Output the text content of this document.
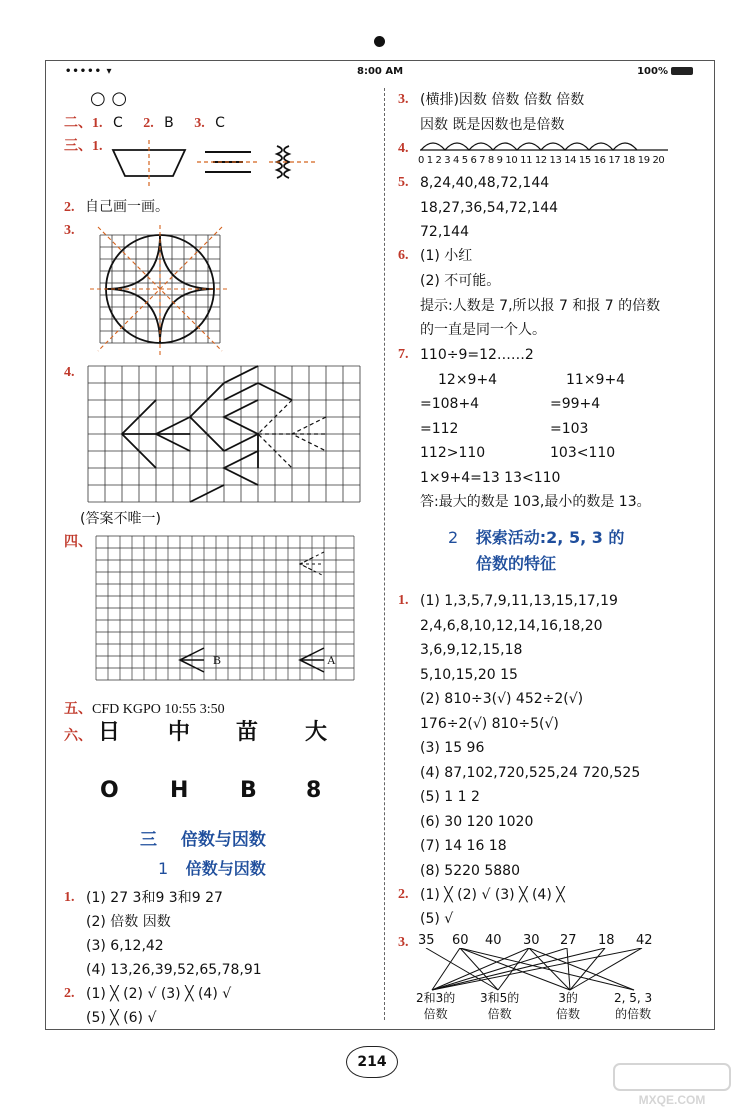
••••• ▾	8:00 AM	100%
○ ○
二、1. C 2. B 3. C
三、1.
2. 自己画一画。
3.
4.
(答案不唯一)
四、
B	A
五、CFD KGPO 10:55 3:50
六、 日 中 苗 大
O H B 8
三 倍数与因数
1 倍数与因数
1. (1) 27 3和9 3和9 27
(2) 倍数 因数
(3) 6,12,42
(4) 13,26,39,52,65,78,91
2. (1) ╳ (2) √ (3) ╳ (4) √
(5) ╳ (6) √
3. (横排)因数 倍数 倍数 倍数
因数 既是因数也是倍数
4.
0 1 2 3 4 5 6 7 8 9 10 11 12 13 14 15 16 17 18 19 20
5. 8,24,40,48,72,144
18,27,36,54,72,144
72,144
6. (1) 小红
(2) 不可能。
提示:人数是 7,所以报 7 和报 7 的倍数
的一直是同一个人。
7. 110÷9=12……2
12×9+4
=108+4
=112
112>110
11×9+4
=99+4
=103
103<110
1×9+4=13 13<110
答:最大的数是 103,最小的数是 13。
2 探索活动:2, 5, 3 的
倍数的特征
1. (1) 1,3,5,7,9,11,13,15,17,19
2,4,6,8,10,12,14,16,18,20
3,6,9,12,15,18
5,10,15,20 15
(2) 810÷3(√) 452÷2(√)
176÷2(√) 810÷5(√)
(3) 15 96
(4) 87,102,720,525,24 720,525
(5) 1 1 2
(6) 30 120 1020
(7) 14 16 18
(8) 5220 5880
2. (1) ╳ (2) √ (3) ╳ (4) ╳
(5) √
3. 35 60 40 30 27 18 42
2和3的
倍数
3和5的
倍数
3的
倍数
2, 5, 3
的倍数
214
MXQE.COM
